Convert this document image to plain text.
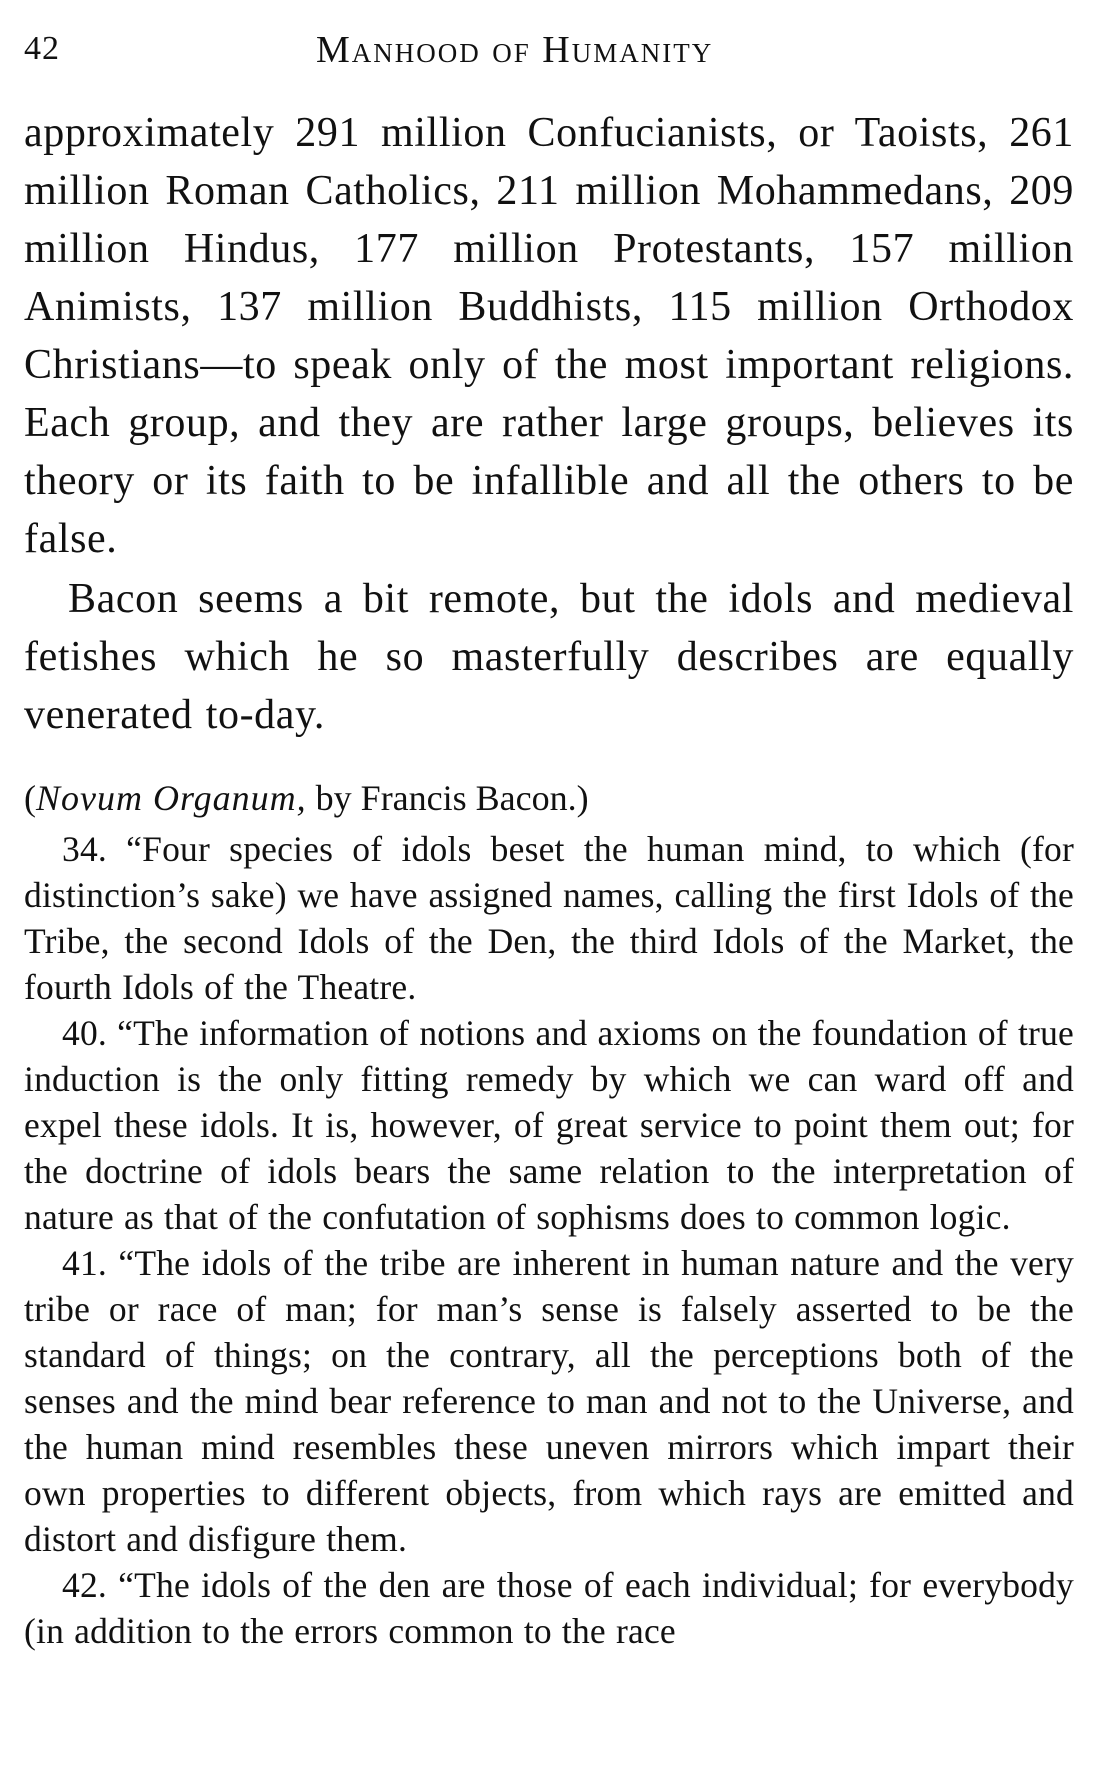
42	Manhood of Humanity

approximately 291 million Confucianists, or Taoists, 261 million Roman Catholics, 211 million Mohammedans, 209 million Hindus, 177 million Protestants, 157 million Animists, 137 million Buddhists, 115 million Orthodox Christians—to speak only of the most important religions. Each group, and they are rather large groups, believes its theory or its faith to be infallible and all the others to be false.

Bacon seems a bit remote, but the idols and medieval fetishes which he so masterfully describes are equally venerated to-day.

(Novum Organum, by Francis Bacon.)

34. “Four species of idols beset the human mind, to which (for distinction’s sake) we have assigned names, calling the first Idols of the Tribe, the second Idols of the Den, the third Idols of the Market, the fourth Idols of the Theatre.

40. “The information of notions and axioms on the foundation of true induction is the only fitting remedy by which we can ward off and expel these idols. It is, however, of great service to point them out; for the doctrine of idols bears the same relation to the interpretation of nature as that of the confutation of sophisms does to common logic.

41. “The idols of the tribe are inherent in human nature and the very tribe or race of man; for man’s sense is falsely asserted to be the standard of things; on the contrary, all the perceptions both of the senses and the mind bear reference to man and not to the Universe, and the human mind resembles these uneven mirrors which impart their own properties to different objects, from which rays are emitted and distort and disfigure them.

42. “The idols of the den are those of each individual; for everybody (in addition to the errors common to the race
